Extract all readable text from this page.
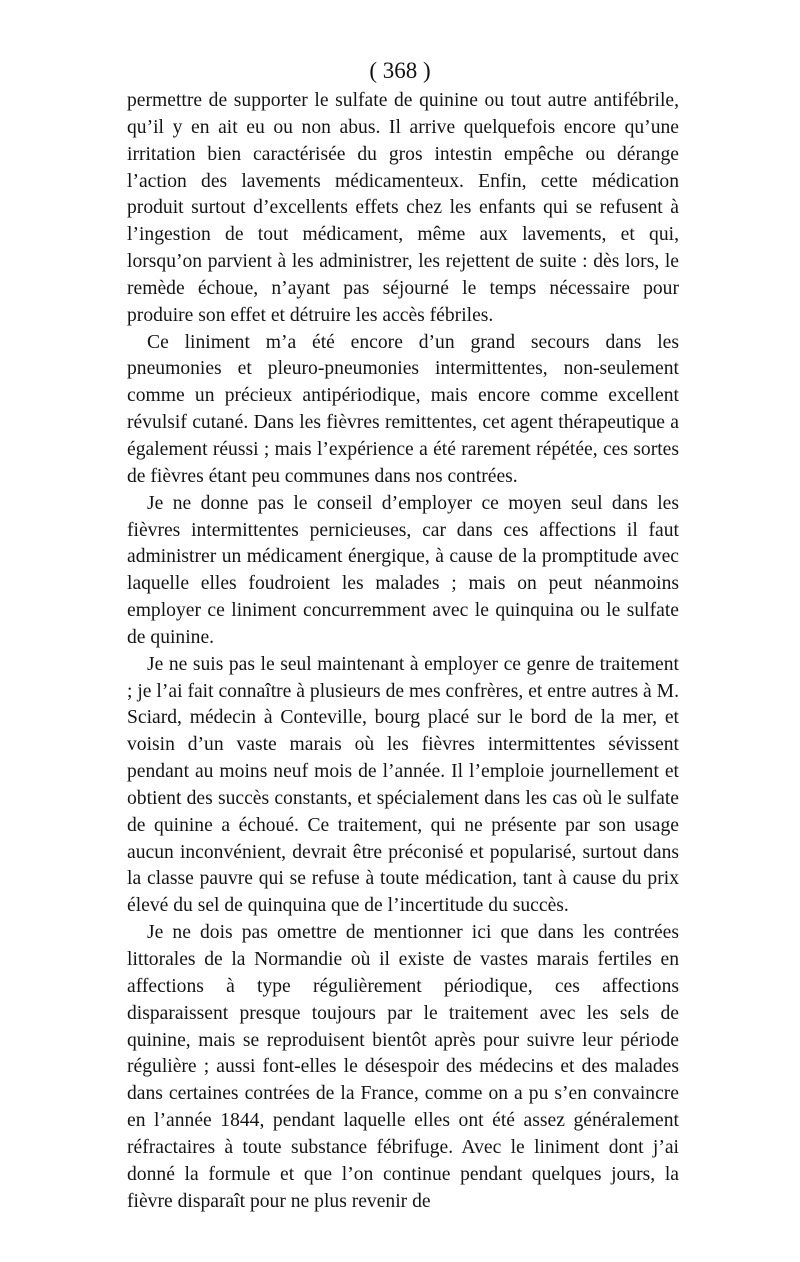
( 368 )

permettre de supporter le sulfate de quinine ou tout autre antifébrile, qu’il y en ait eu ou non abus. Il arrive quelquefois encore qu’une irritation bien caractérisée du gros intestin empêche ou dérange l’action des lavements médicamenteux. Enfin, cette médication produit surtout d’excellents effets chez les enfants qui se refusent à l’ingestion de tout médicament, même aux lavements, et qui, lorsqu’on parvient à les administrer, les rejettent de suite : dès lors, le remède échoue, n’ayant pas séjourné le temps nécessaire pour produire son effet et détruire les accès fébriles.

Ce liniment m’a été encore d’un grand secours dans les pneumonies et pleuro-pneumonies intermittentes, non-seulement comme un précieux antipériodique, mais encore comme excellent révulsif cutané. Dans les fièvres remittentes, cet agent thérapeutique a également réussi ; mais l’expérience a été rarement répétée, ces sortes de fièvres étant peu communes dans nos contrées.

Je ne donne pas le conseil d’employer ce moyen seul dans les fièvres intermittentes pernicieuses, car dans ces affections il faut administrer un médicament énergique, à cause de la promptitude avec laquelle elles foudroient les malades ; mais on peut néanmoins employer ce liniment concurremment avec le quinquina ou le sulfate de quinine.

Je ne suis pas le seul maintenant à employer ce genre de traitement ; je l’ai fait connaître à plusieurs de mes confrères, et entre autres à M. Sciard, médecin à Conteville, bourg placé sur le bord de la mer, et voisin d’un vaste marais où les fièvres intermittentes sévissent pendant au moins neuf mois de l’année. Il l’emploie journellement et obtient des succès constants, et spécialement dans les cas où le sulfate de quinine a échoué. Ce traitement, qui ne présente par son usage aucun inconvénient, devrait être préconisé et popularisé, surtout dans la classe pauvre qui se refuse à toute médication, tant à cause du prix élevé du sel de quinquina que de l’incertitude du succès.

Je ne dois pas omettre de mentionner ici que dans les contrées littorales de la Normandie où il existe de vastes marais fertiles en affections à type régulièrement périodique, ces affections disparaissent presque toujours par le traitement avec les sels de quinine, mais se reproduisent bientôt après pour suivre leur période régulière ; aussi font-elles le désespoir des médecins et des malades dans certaines contrées de la France, comme on a pu s’en convaincre en l’année 1844, pendant laquelle elles ont été assez généralement réfractaires à toute substance fébrifuge. Avec le liniment dont j’ai donné la formule et que l’on continue pendant quelques jours, la fièvre disparaît pour ne plus revenir de
